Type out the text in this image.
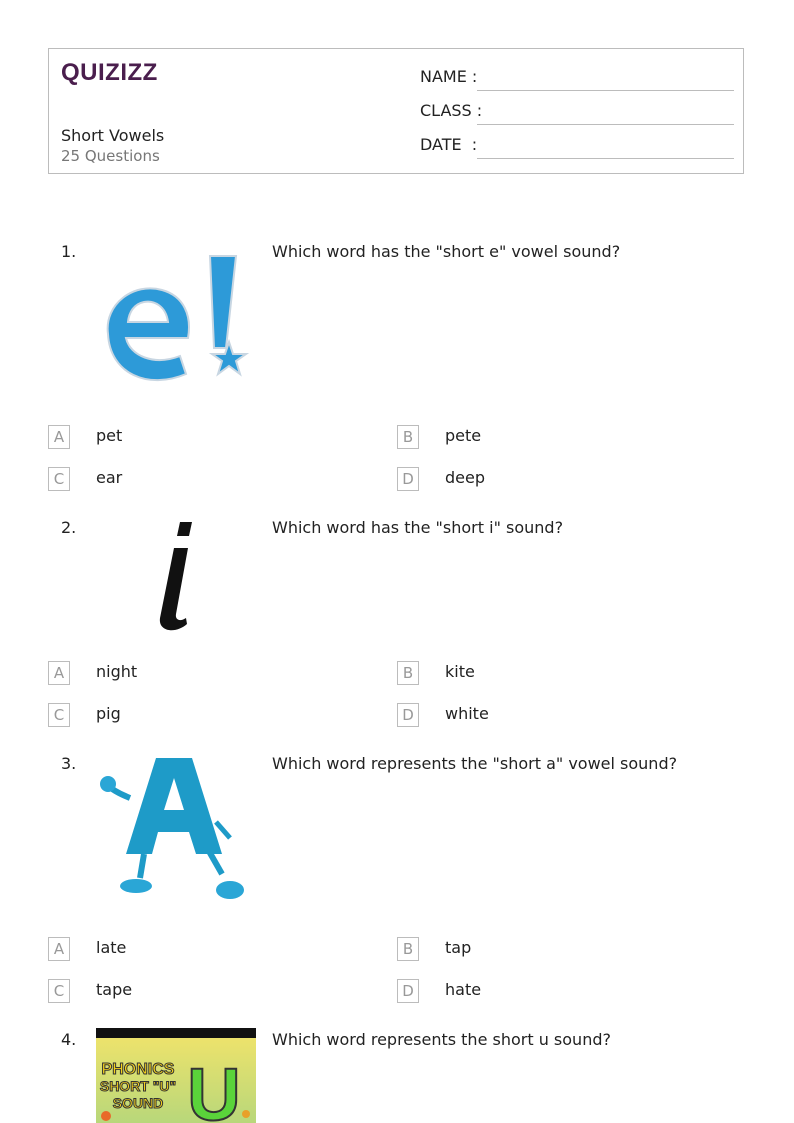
QUIZIZZ
Short Vowels
25 Questions
NAME :
CLASS :
DATE  :
1.	Which word has the "short e" vowel sound?
A	pet	B	pete
C	ear	D	deep
2.	Which word has the "short i" sound?
A	night	B	kite
C	pig	D	white
3.	Which word represents the "short a" vowel sound?
A	late	B	tap
C	tape	D	hate
4.
PHONICS
SHORT "U"
SOUND U
Which word represents the short u sound?
